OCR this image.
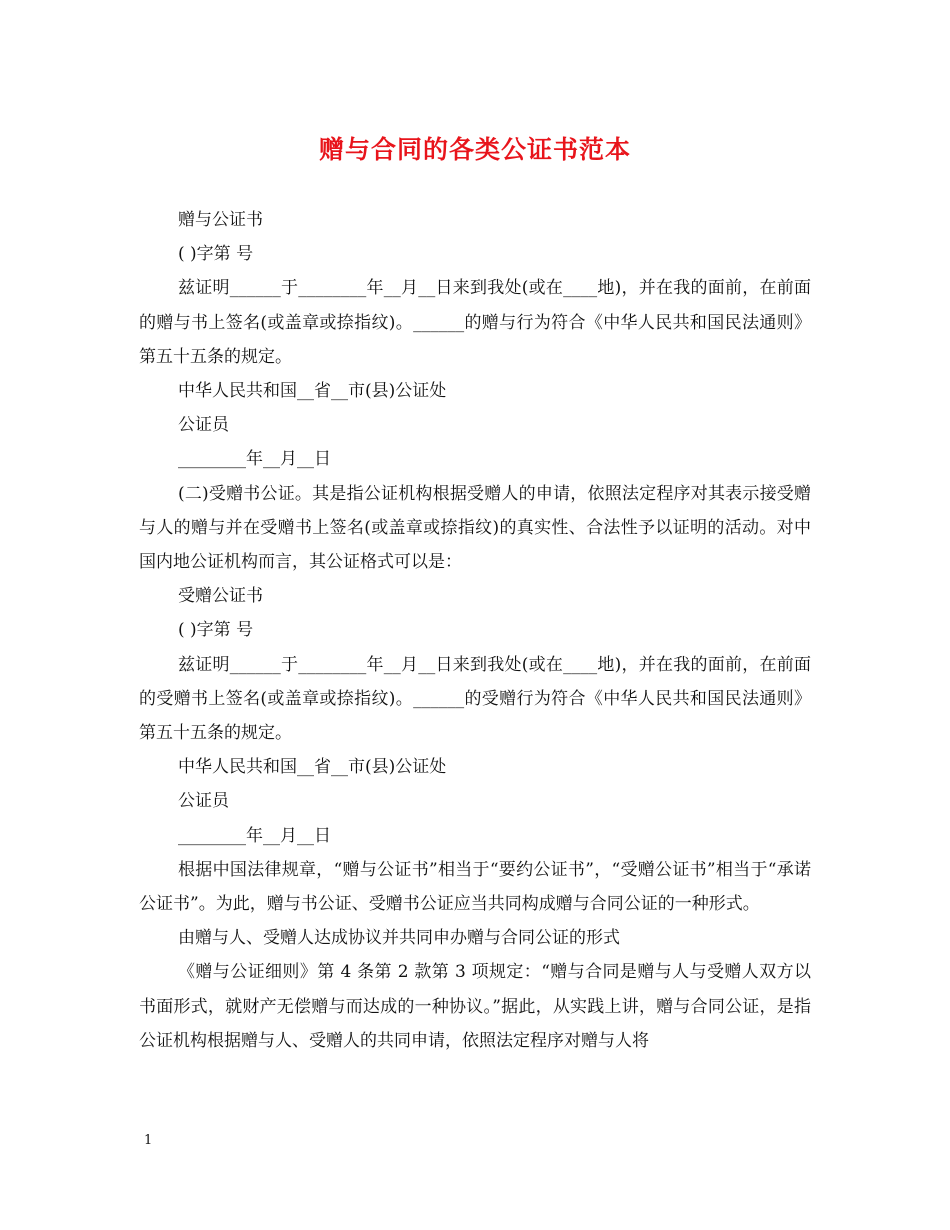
赠与合同的各类公证书范本

赠与公证书

( )字第 号

兹证明______于________年__月__日来到我处(或在____地)，并在我的面前，在前面的赠与书上签名(或盖章或捺指纹)。______的赠与行为符合《中华人民共和国民法通则》第五十五条的规定。

中华人民共和国__省__市(县)公证处

公证员

________年__月__日

(二)受赠书公证。其是指公证机构根据受赠人的申请，依照法定程序对其表示接受赠与人的赠与并在受赠书上签名(或盖章或捺指纹)的真实性、合法性予以证明的活动。对中国内地公证机构而言，其公证格式可以是：

受赠公证书

( )字第 号

兹证明______于________年__月__日来到我处(或在____地)，并在我的面前，在前面的受赠书上签名(或盖章或捺指纹)。______的受赠行为符合《中华人民共和国民法通则》第五十五条的规定。

中华人民共和国__省__市(县)公证处

公证员

________年__月__日

根据中国法律规章，“赠与公证书”相当于“要约公证书”，“受赠公证书”相当于“承诺公证书”。为此，赠与书公证、受赠书公证应当共同构成赠与合同公证的一种形式。

由赠与人、受赠人达成协议并共同申办赠与合同公证的形式

《赠与公证细则》第 4 条第 2 款第 3 项规定：“赠与合同是赠与人与受赠人双方以书面形式，就财产无偿赠与而达成的一种协议。”据此，从实践上讲，赠与合同公证，是指公证机构根据赠与人、受赠人的共同申请，依照法定程序对赠与人将

1
